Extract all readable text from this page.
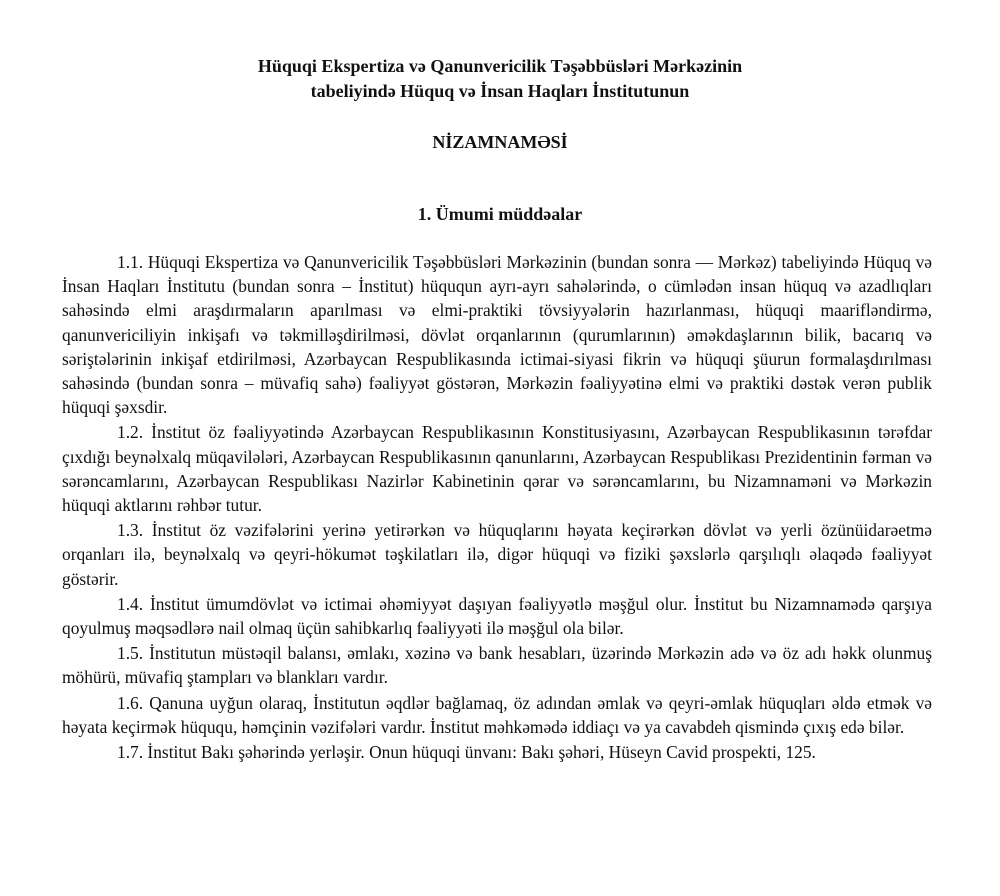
Hüquqi Ekspertiza və Qanunvericilik Təşəbbüsləri Mərkəzinin
tabeliyində Hüquq və İnsan Haqları İnstitutunun
NİZAMNAMƏSİ
1. Ümumi müddəalar

1.1. Hüquqi Ekspertiza və Qanunvericilik Təşəbbüsləri Mərkəzinin (bundan sonra — Mərkəz) tabeliyində Hüquq və İnsan Haqları İnstitutu (bundan sonra – İnstitut) hüququn ayrı-ayrı sahələrində, o cümlədən insan hüquq və azadlıqları sahəsində elmi araşdırmaların aparılması və elmi-praktiki tövsiyyələrin hazırlanması, hüquqi maarifləndirmə, qanunvericiliyin inkişafı və təkmilləşdirilməsi, dövlət orqanlarının (qurumlarının) əməkdaşlarının bilik, bacarıq və səriştələrinin inkişaf etdirilməsi, Azərbaycan Respublikasında ictimai-siyasi fikrin və hüquqi şüurun formalaşdırılması sahəsində (bundan sonra – müvafiq sahə) fəaliyyət göstərən, Mərkəzin fəaliyyətinə elmi və praktiki dəstək verən publik hüquqi şəxsdir.

1.2. İnstitut öz fəaliyyətində Azərbaycan Respublikasının Konstitusiyasını, Azərbaycan Respublikasının tərəfdar çıxdığı beynəlxalq müqavilələri, Azərbaycan Respublikasının qanunlarını, Azərbaycan Respublikası Prezidentinin fərman və sərəncamlarını, Azərbaycan Respublikası Nazirlər Kabinetinin qərar və sərəncamlarını, bu Nizamnaməni və Mərkəzin hüquqi aktlarını rəhbər tutur.

1.3. İnstitut öz vəzifələrini yerinə yetirərkən və hüquqlarını həyata keçirərkən dövlət və yerli özünüidarəetmə orqanları ilə, beynəlxalq və qeyri-hökumət təşkilatları ilə, digər hüquqi və fiziki şəxslərlə qarşılıqlı əlaqədə fəaliyyət göstərir.

1.4. İnstitut ümumdövlət və ictimai əhəmiyyət daşıyan fəaliyyətlə məşğul olur. İnstitut bu Nizamnamədə qarşıya qoyulmuş məqsədlərə nail olmaq üçün sahibkarlıq fəaliyyəti ilə məşğul ola bilər.

1.5. İnstitutun müstəqil balansı, əmlakı, xəzinə və bank hesabları, üzərində Mərkəzin adə və öz adı həkk olunmuş möhürü, müvafiq ştampları və blankları vardır.

1.6. Qanuna uyğun olaraq, İnstitutun əqdlər bağlamaq, öz adından əmlak və qeyri-əmlak hüquqları əldə etmək və həyata keçirmək hüququ, həmçinin vəzifələri vardır. İnstitut məhkəmədə iddiaçı və ya cavabdeh qismində çıxış edə bilər.

1.7. İnstitut Bakı şəhərində yerləşir. Onun hüquqi ünvanı: Bakı şəhəri, Hüseyn Cavid prospekti, 125.
